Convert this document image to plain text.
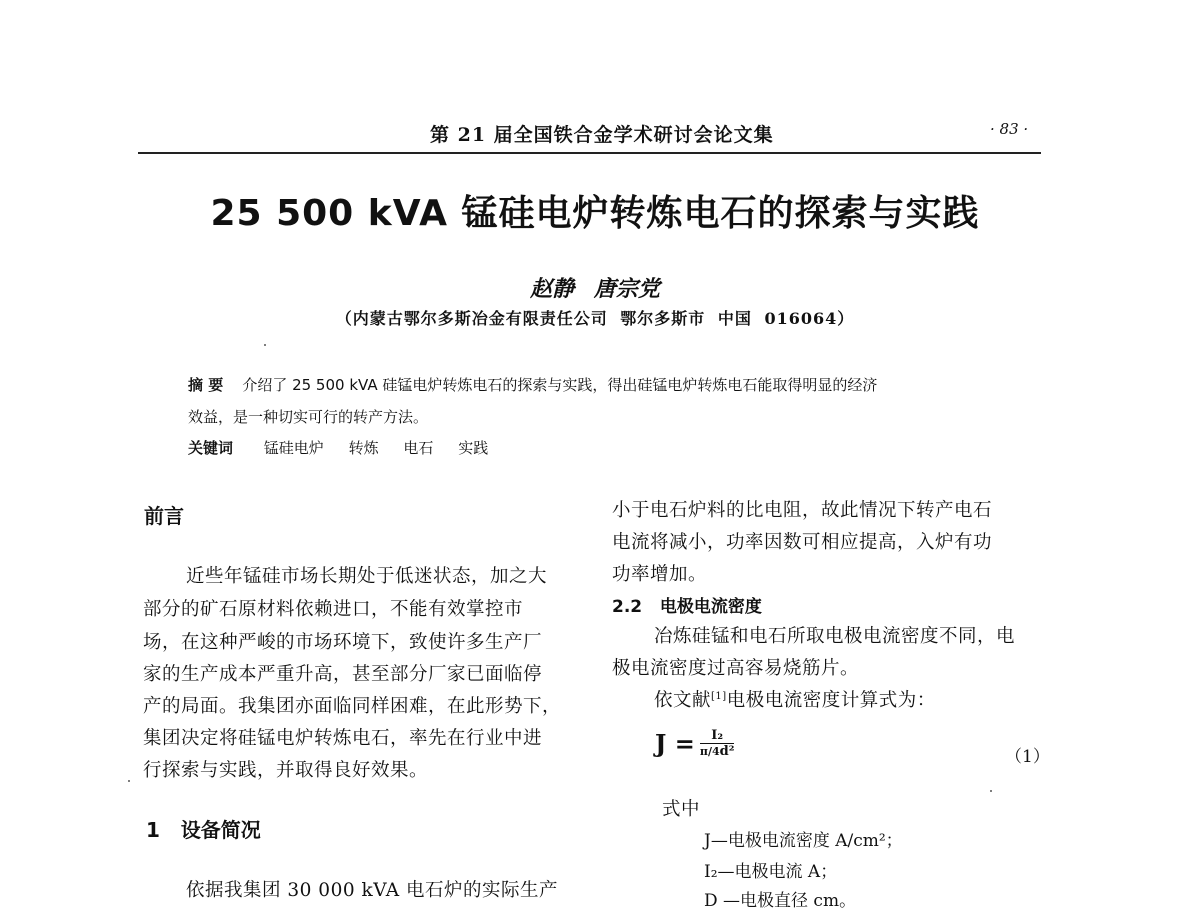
第 21 届全国铁合金学术研讨会论文集	· 83 ·
25 500 kVA 锰硅电炉转炼电石的探索与实践
赵静 唐宗党
（内蒙古鄂尔多斯冶金有限责任公司 鄂尔多斯市 中国 016064）
摘 要 介绍了 25 500 kVA 硅锰电炉转炼电石的探索与实践，得出硅锰电炉转炼电石能取得明显的经济
效益，是一种切实可行的转产方法。
关键词 锰硅电炉 转炼 电石 实践
前言
近些年锰硅市场长期处于低迷状态，加之大
部分的矿石原材料依赖进口，不能有效掌控市
场，在这种严峻的市场环境下，致使许多生产厂
家的生产成本严重升高，甚至部分厂家已面临停
产的局面。我集团亦面临同样困难，在此形势下，
集团决定将硅锰电炉转炼电石，率先在行业中进
行探索与实践，并取得良好效果。
1   设备简况
依据我集团 30 000 kVA 电石炉的实际生产
小于电石炉料的比电阻，故此情况下转产电石
电流将减小，功率因数可相应提高，入炉有功
功率增加。
2.2   电极电流密度
冶炼硅锰和电石所取电极电流密度不同，电
极电流密度过高容易烧筋片。
依文献[1]电极电流密度计算式为：
$J = \frac{\text{I₂}}{\text{π/4d²}}$	（1）
式中
J—电极电流密度 A/cm²；
I₂—电极电流 A；
D —电极直径 cm。
